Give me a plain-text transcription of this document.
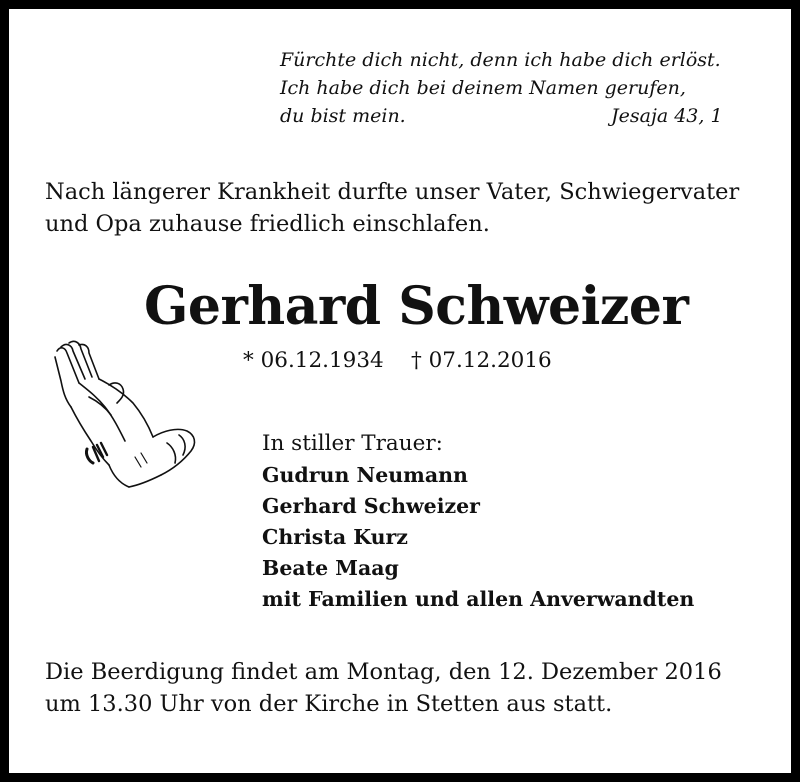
Fürchte dich nicht, denn ich habe dich erlöst.
Ich habe dich bei deinem Namen gerufen,
du bist mein.	Jesaja 43, 1
Nach längerer Krankheit durfte unser Vater, Schwiegervater
und Opa zuhause friedlich einschlafen.
Gerhard Schweizer
* 06.12.1934 † 07.12.2016
In stiller Trauer:
Gudrun Neumann
Gerhard Schweizer
Christa Kurz
Beate Maag
mit Familien und allen Anverwandten
Die Beerdigung findet am Montag, den 12. Dezember 2016
um 13.30 Uhr von der Kirche in Stetten aus statt.
